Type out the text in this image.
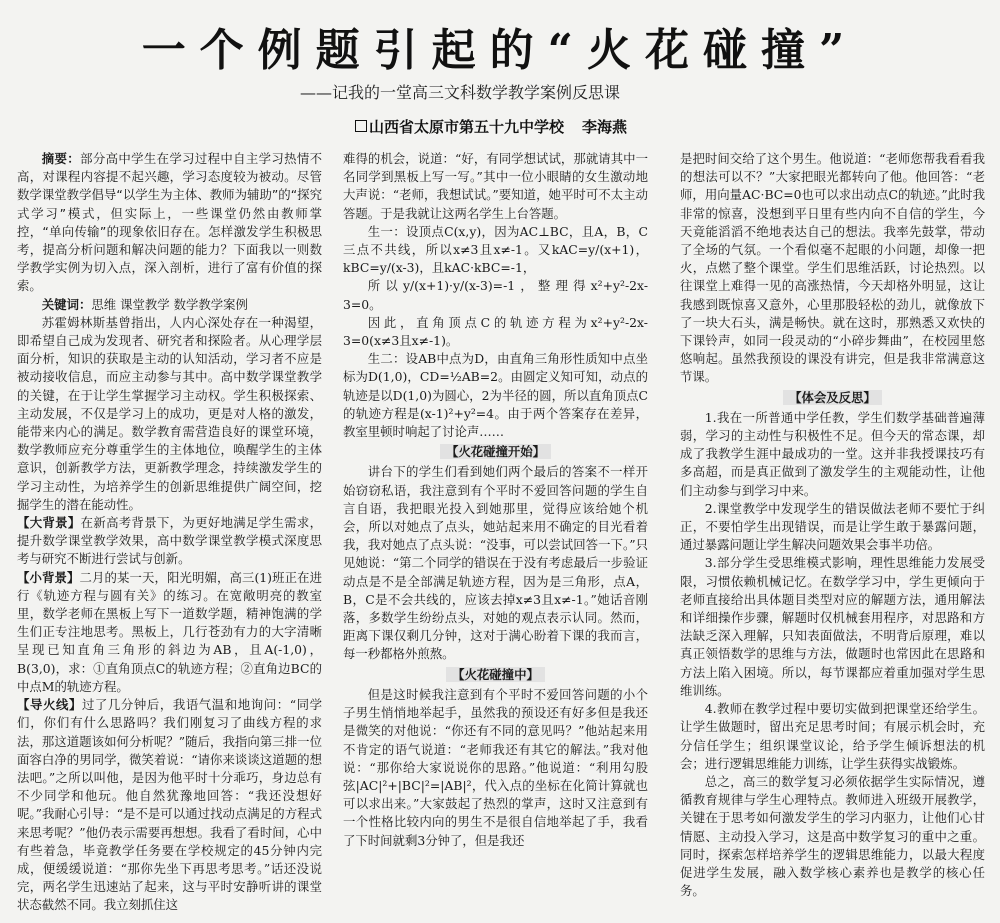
一个例题引起的“火花碰撞”
——记我的一堂高三文科数学教学案例反思课
山西省太原市第五十九中学校 李海燕

摘要：部分高中学生在学习过程中自主学习热情不高，对课程内容提不起兴趣，学习态度较为被动。尽管数学课堂教学倡导“以学生为主体、教师为辅助”的“探究式学习”模式，但实际上，一些课堂仍然由教师掌控，“单向传输”的现象依旧存在。怎样激发学生积极思考，提高分析问题和解决问题的能力？下面我以一则数学教学实例为切入点，深入剖析，进行了富有价值的探索。

关键词：思维 课堂教学 数学教学案例

苏霍姆林斯基曾指出，人内心深处存在一种渴望，即希望自己成为发现者、研究者和探险者。从心理学层面分析，知识的获取是主动的认知活动，学习者不应是被动接收信息，而应主动参与其中。高中数学课堂教学的关键，在于让学生掌握学习主动权。学生积极探索、主动发展，不仅是学习上的成功，更是对人格的激发，能带来内心的满足。数学教育需营造良好的课堂环境，数学教师应充分尊重学生的主体地位，唤醒学生的主体意识，创新教学方法，更新教学理念，持续激发学生的学习主动性，为培养学生的创新思维提供广阔空间，挖掘学生的潜在能动性。

【大背景】在新高考背景下，为更好地满足学生需求，提升数学课堂教学效果，高中数学课堂教学模式深度思考与研究不断进行尝试与创新。

【小背景】二月的某一天，阳光明媚，高三(1)班正在进行《轨迹方程与圆有关》的练习。在宽敞明亮的教室里，数学老师在黑板上写下一道数学题，精神饱满的学生们正专注地思考。黑板上，几行苍劲有力的大字清晰呈现已知直角三角形的斜边为AB，且A(-1,0)，B(3,0)，求：①直角顶点C的轨迹方程；②直角边BC的中点M的轨迹方程。

【导火线】过了几分钟后，我语气温和地询问：“同学们，你们有什么思路吗？我们刚复习了曲线方程的求法，那这道题该如何分析呢？”随后，我指向第三排一位面容白净的男同学，微笑着说：“请你来谈谈这道题的想法吧。”之所以叫他，是因为他平时十分乖巧，身边总有不少同学和他玩。他自然犹豫地回答：“我还没想好呢。”我耐心引导：“是不是可以通过找动点满足的方程式来思考呢？”他仍表示需要再想想。我看了看时间，心中有些着急，毕竟教学任务要在学校规定的45分钟内完成，便缓缓说道：“那你先坐下再思考思考。”话还没说完，两名学生迅速站了起来，这与平时安静听讲的课堂状态截然不同。我立刻抓住这

难得的机会，说道：“好，有同学想试试，那就请其中一名同学到黑板上写一写。”其中一位小眼睛的女生激动地大声说：“老师，我想试试。”要知道，她平时可不太主动答题。于是我就让这两名学生上台答题。

生一：设顶点C(x,y)，因为AC⊥BC，且A，B，C三点不共线，所以x≠3且x≠-1。又kAC=y/(x+1)，kBC=y/(x-3)，且kAC·kBC=-1，

所以y/(x+1)·y/(x-3)=-1，整理得x²+y²-2x-3=0。

因此，直角顶点C的轨迹方程为x²+y²-2x-3=0(x≠3且x≠-1)。

生二：设AB中点为D，由直角三角形性质知中点坐标为D(1,0)，CD=½AB=2。由圆定义知可知，动点的轨迹是以D(1,0)为圆心，2为半径的圆，所以直角顶点C的轨迹方程是(x-1)²+y²=4。由于两个答案存在差异，教室里顿时响起了讨论声……

【火花碰撞开始】

讲台下的学生们看到她们两个最后的答案不一样开始窃窃私语，我注意到有个平时不爱回答问题的学生自言自语，我把眼光投入到她那里，觉得应该给她个机会，所以对她点了点头，她站起来用不确定的目光看着我，我对她点了点头说：“没事，可以尝试回答一下。”只见她说：“第二个同学的错误在于没有考虑最后一步验证动点是不是全部满足轨迹方程，因为是三角形，点A，B，C是不会共线的，应该去掉x≠3且x≠-1。”她话音刚落，多数学生纷纷点头，对她的观点表示认同。然而，距离下课仅剩几分钟，这对于满心盼着下课的我而言，每一秒都格外煎熬。

【火花碰撞中】

但是这时候我注意到有个平时不爱回答问题的小个子男生悄悄地举起手，虽然我的预设还有好多但是我还是微笑的对他说：“你还有不同的意见吗？”他站起来用不肯定的语气说道：“老师我还有其它的解法。”我对他说：“那你给大家说说你的思路。”他说道：“利用勾股弦|AC|²+|BC|²=|AB|²，代入点的坐标在化简计算就也可以求出来。”大家鼓起了热烈的掌声，这时又注意到有一个性格比较内向的男生不是很自信地举起了手，我看了下时间就剩3分钟了，但是我还

是把时间交给了这个男生。他说道：“老师您帮我看看我的想法可以不？”大家把眼光都转向了他。他回答：“老师，用向量AC·BC=0也可以求出动点C的轨迹。”此时我非常的惊喜，没想到平日里有些内向不自信的学生，今天竟能滔滔不绝地表达自己的想法。我率先鼓掌，带动了全场的气氛。一个看似毫不起眼的小问题，却像一把火，点燃了整个课堂。学生们思维活跃，讨论热烈。以往课堂上难得一见的高涨热情，今天却格外明显，这让我感到既惊喜又意外，心里那股轻松的劲儿，就像放下了一块大石头，满是畅快。就在这时，那熟悉又欢快的下课铃声，如同一段灵动的“小碎步舞曲”，在校园里悠悠响起。虽然我预设的课没有讲完，但是我非常满意这节课。

【体会及反思】

1.我在一所普通中学任教，学生们数学基础普遍薄弱，学习的主动性与积极性不足。但今天的常态课，却成了我教学生涯中最成功的一堂。这并非我授课技巧有多高超，而是真正做到了激发学生的主观能动性，让他们主动参与到学习中来。

2.课堂教学中发现学生的错误做法老师不要忙于纠正，不要怕学生出现错误，而是让学生敢于暴露问题，通过暴露问题让学生解决问题效果会事半功倍。

3.部分学生受思维模式影响，理性思维能力发展受限，习惯依赖机械记忆。在数学学习中，学生更倾向于老师直接给出具体题目类型对应的解题方法，通用解法和详细操作步骤，解题时仅机械套用程序，对思路和方法缺乏深入理解，只知表面做法，不明背后原理，难以真正领悟数学的思维与方法，做题时也常因此在思路和方法上陷入困境。所以，每节课都应着重加强对学生思维训练。

4.教师在教学过程中要切实做到把课堂还给学生。让学生做题时，留出充足思考时间；有展示机会时，充分信任学生；组织课堂议论，给予学生倾诉想法的机会；进行逻辑思维能力训练，让学生获得实战锻炼。

总之，高三的数学复习必须依据学生实际情况，遵循教育规律与学生心理特点。教师进入班级开展教学，关键在于思考如何激发学生的学习内驱力，让他们心甘情愿、主动投入学习，这是高中数学复习的重中之重。同时，探索怎样培养学生的逻辑思维能力，以最大程度促进学生发展，融入数学核心素养也是教学的核心任务。
